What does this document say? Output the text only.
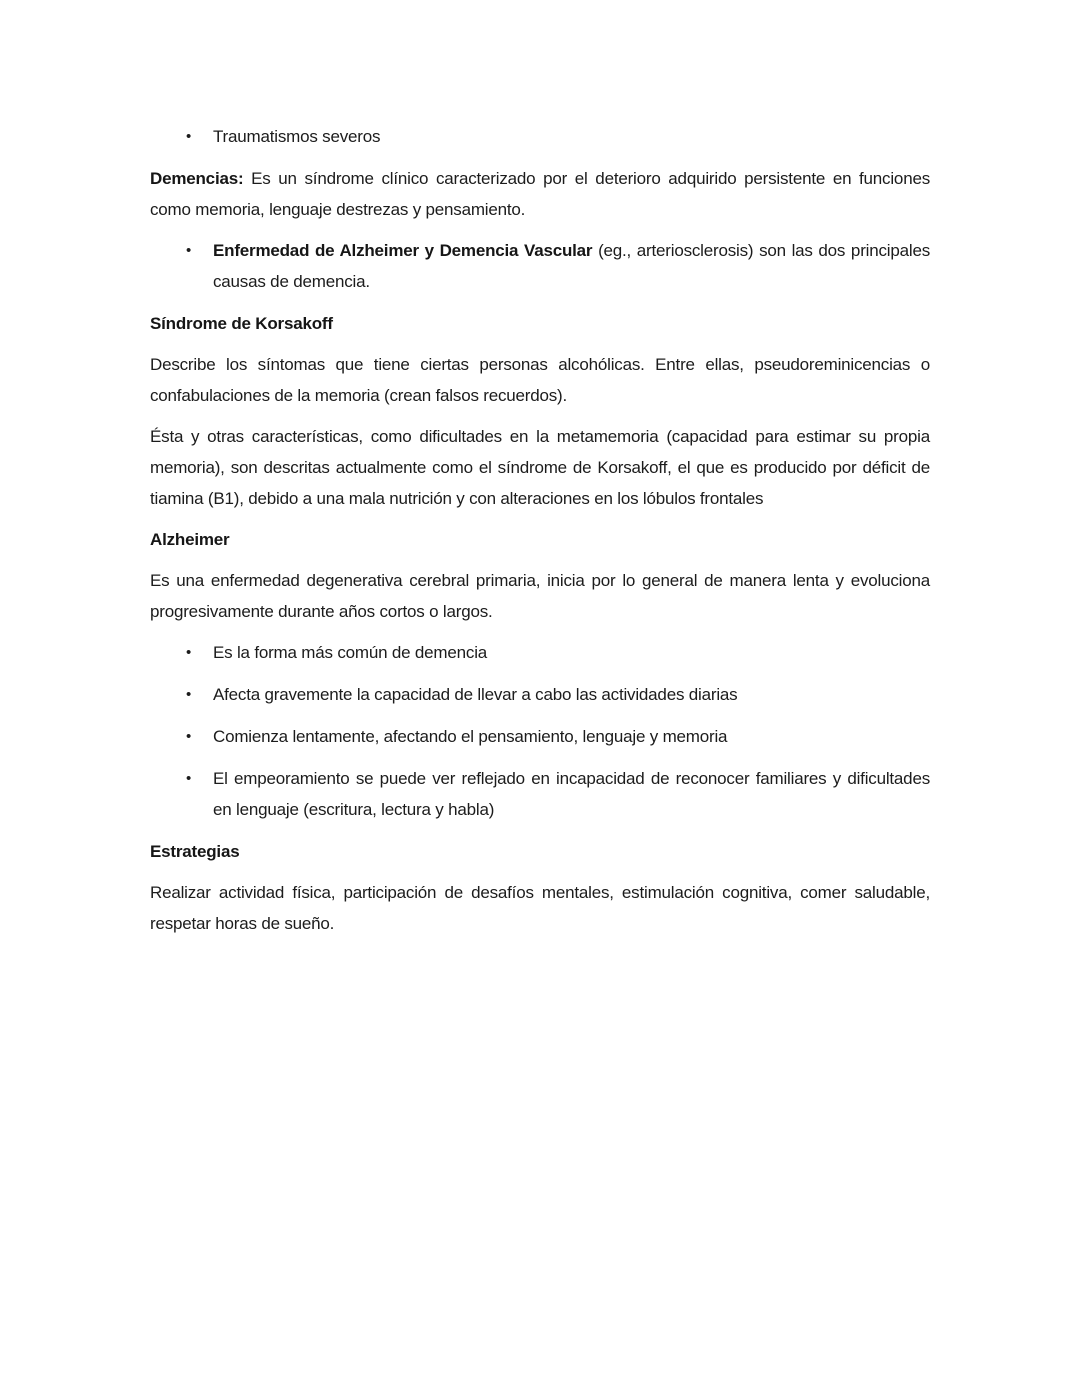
•	Traumatismos severos

Demencias: Es un síndrome clínico caracterizado por el deterioro adquirido persistente en funciones como memoria, lenguaje destrezas y pensamiento.

•	Enfermedad de Alzheimer y Demencia Vascular (eg., arteriosclerosis) son las dos principales causas de demencia.
Síndrome de Korsakoff

Describe los síntomas que tiene ciertas personas alcohólicas. Entre ellas, pseudoreminicencias o confabulaciones de la memoria (crean falsos recuerdos).

Ésta y otras características, como dificultades en la metamemoria (capacidad para estimar su propia memoria), son descritas actualmente como el síndrome de Korsakoff, el que es producido por déficit de tiamina (B1), debido a una mala nutrición y con alteraciones en los lóbulos frontales

Alzheimer

Es una enfermedad degenerativa cerebral primaria, inicia por lo general de manera lenta y evoluciona progresivamente durante años cortos o largos.

•	Es la forma más común de demencia
•	Afecta gravemente la capacidad de llevar a cabo las actividades diarias
•	Comienza lentamente, afectando el pensamiento, lenguaje y memoria
•	El empeoramiento se puede ver reflejado en incapacidad de reconocer familiares y dificultades en lenguaje (escritura, lectura y habla)
Estrategias

Realizar actividad física, participación de desafíos mentales, estimulación cognitiva, comer saludable, respetar horas de sueño.
